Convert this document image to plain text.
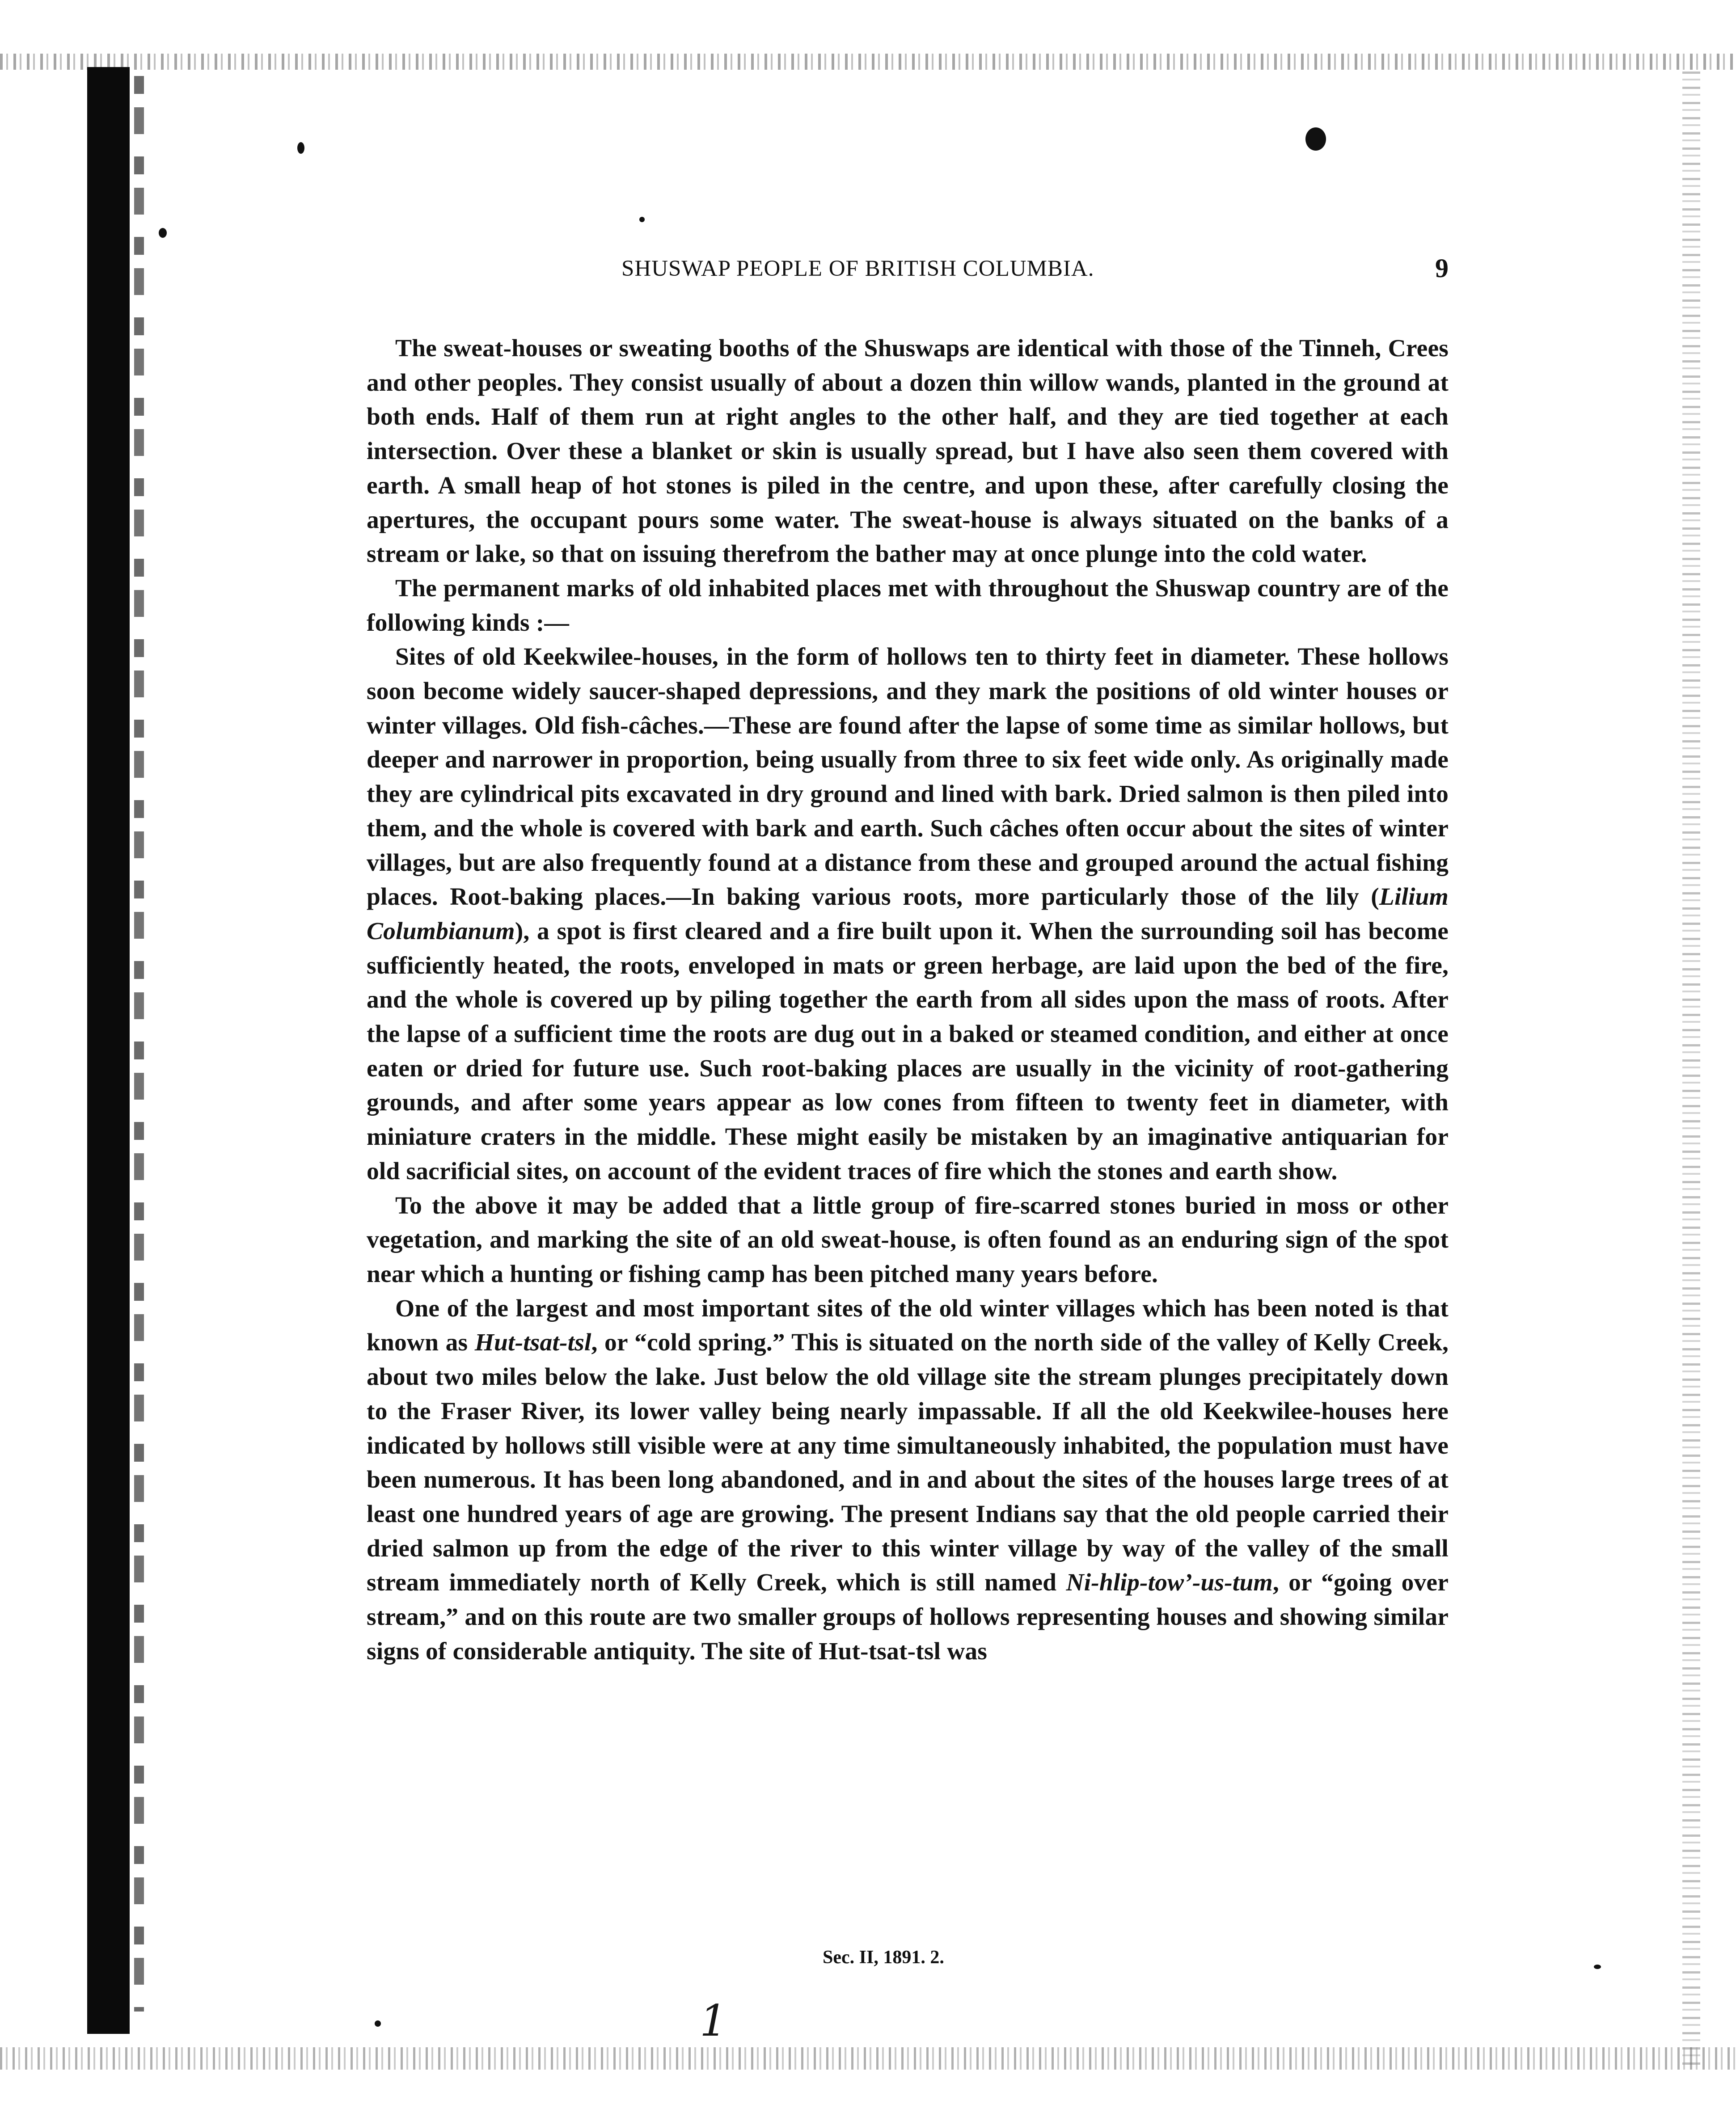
SHUSWAP PEOPLE OF BRITISH COLUMBIA.	9

The sweat-houses or sweating booths of the Shuswaps are identical with those of the Tinneh, Crees and other peoples. They consist usually of about a dozen thin willow wands, planted in the ground at both ends. Half of them run at right angles to the other half, and they are tied together at each intersection. Over these a blanket or skin is usually spread, but I have also seen them covered with earth. A small heap of hot stones is piled in the centre, and upon these, after carefully closing the apertures, the occupant pours some water. The sweat-house is always situated on the banks of a stream or lake, so that on issuing therefrom the bather may at once plunge into the cold water.

The permanent marks of old inhabited places met with throughout the Shuswap country are of the following kinds :—

Sites of old Keekwilee-houses, in the form of hollows ten to thirty feet in diameter. These hollows soon become widely saucer-shaped depressions, and they mark the positions of old winter houses or winter villages. Old fish-câches.—These are found after the lapse of some time as similar hollows, but deeper and narrower in proportion, being usually from three to six feet wide only. As originally made they are cylindrical pits excavated in dry ground and lined with bark. Dried salmon is then piled into them, and the whole is covered with bark and earth. Such câches often occur about the sites of winter villages, but are also frequently found at a distance from these and grouped around the actual fishing places. Root-baking places.—In baking various roots, more particularly those of the lily (Lilium Columbianum), a spot is first cleared and a fire built upon it. When the surrounding soil has become sufficiently heated, the roots, enveloped in mats or green herbage, are laid upon the bed of the fire, and the whole is covered up by piling together the earth from all sides upon the mass of roots. After the lapse of a sufficient time the roots are dug out in a baked or steamed condition, and either at once eaten or dried for future use. Such root-baking places are usually in the vicinity of root-gathering grounds, and after some years appear as low cones from fifteen to twenty feet in diameter, with miniature craters in the middle. These might easily be mistaken by an imaginative antiquarian for old sacrificial sites, on account of the evident traces of fire which the stones and earth show.

To the above it may be added that a little group of fire-scarred stones buried in moss or other vegetation, and marking the site of an old sweat-house, is often found as an enduring sign of the spot near which a hunting or fishing camp has been pitched many years before.

One of the largest and most important sites of the old winter villages which has been noted is that known as Hut-tsat-tsl, or “cold spring.” This is situated on the north side of the valley of Kelly Creek, about two miles below the lake. Just below the old village site the stream plunges precipitately down to the Fraser River, its lower valley being nearly impassable. If all the old Keekwilee-houses here indicated by hollows still visible were at any time simultaneously inhabited, the population must have been numerous. It has been long abandoned, and in and about the sites of the houses large trees of at least one hundred years of age are growing. The present Indians say that the old people carried their dried salmon up from the edge of the river to this winter village by way of the valley of the small stream immediately north of Kelly Creek, which is still named Ni-hlip-tow’-us-tum, or “going over stream,” and on this route are two smaller groups of hollows representing houses and showing similar signs of considerable antiquity. The site of Hut-tsat-tsl was

Sec. II, 1891. 2.
1
